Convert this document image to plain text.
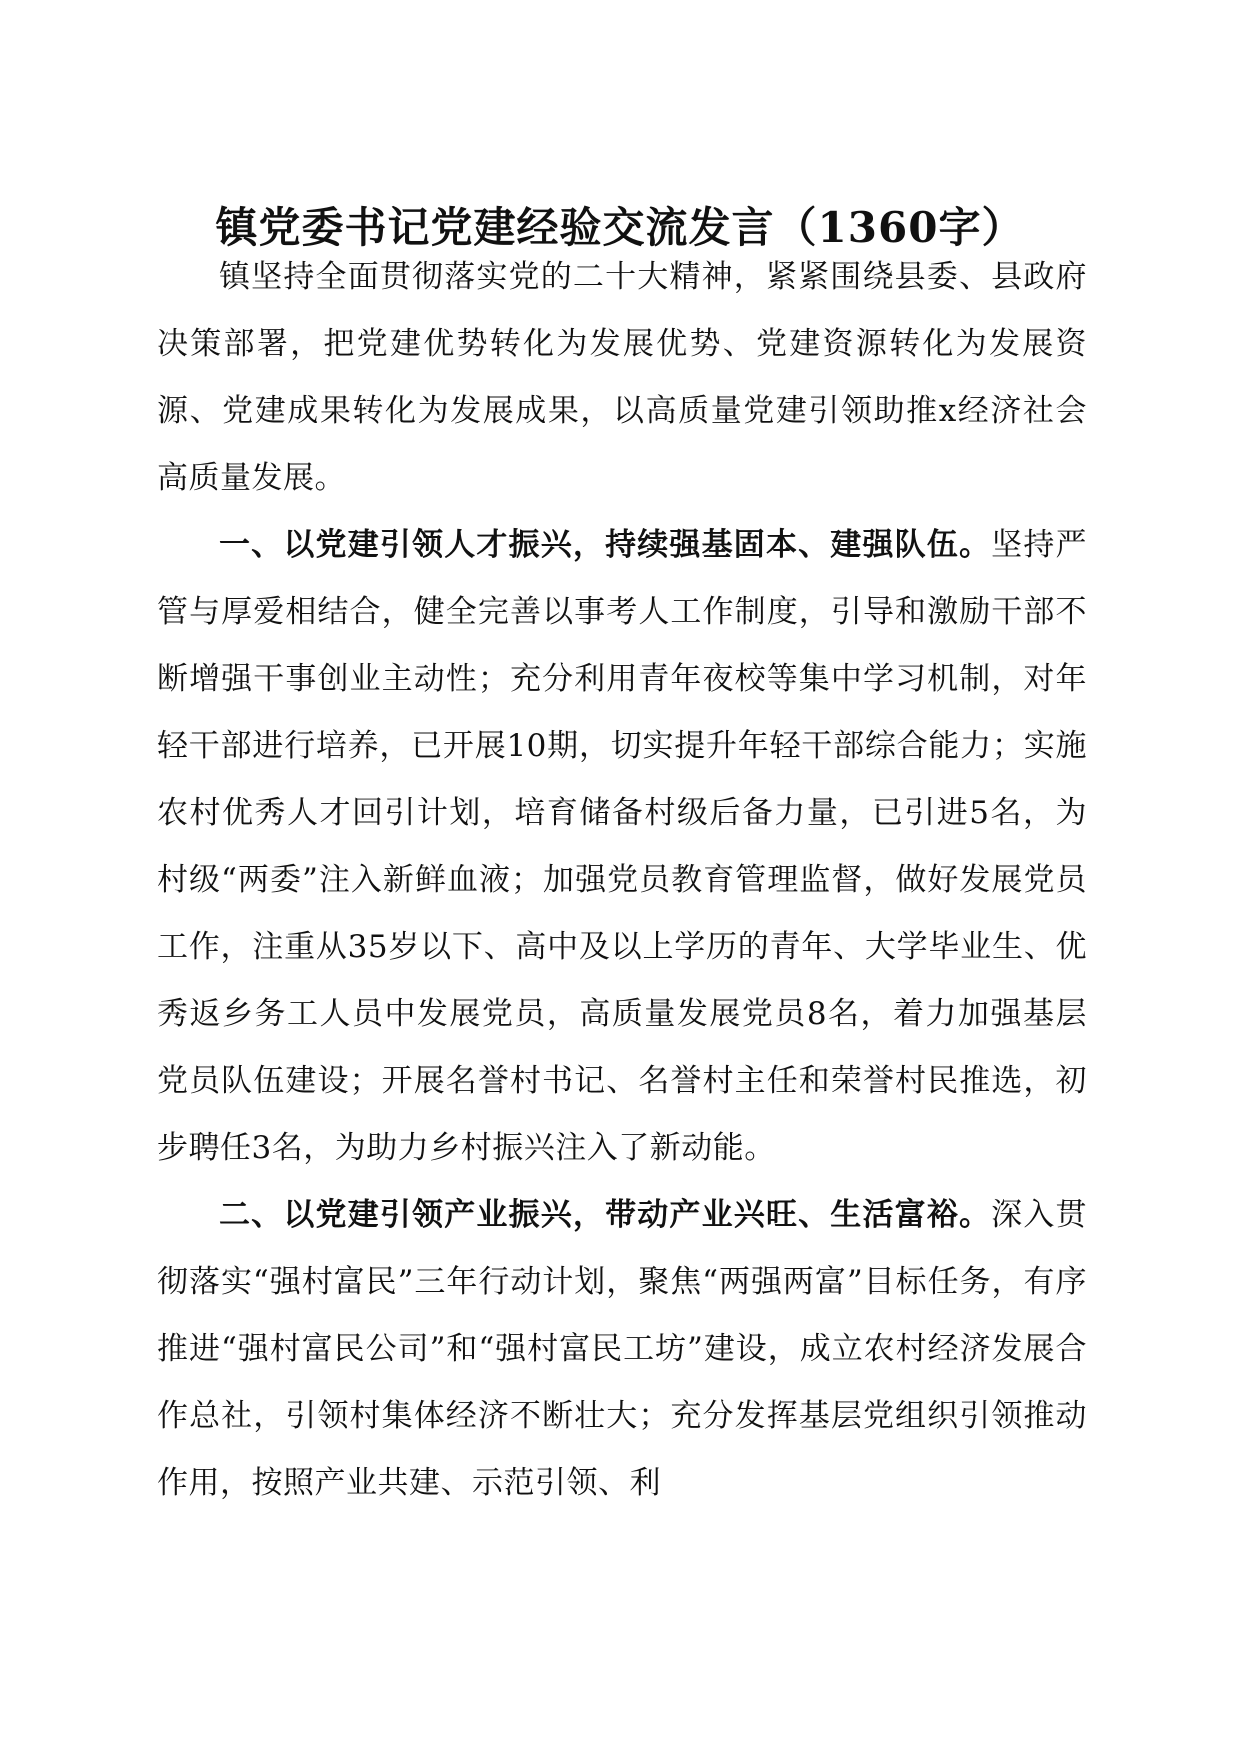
镇党委书记党建经验交流发言（1360字）

镇坚持全面贯彻落实党的二十大精神，紧紧围绕县委、县政府决策部署，把党建优势转化为发展优势、党建资源转化为发展资源、党建成果转化为发展成果，以高质量党建引领助推x经济社会高质量发展。

一、以党建引领人才振兴，持续强基固本、建强队伍。坚持严管与厚爱相结合，健全完善以事考人工作制度，引导和激励干部不断增强干事创业主动性；充分利用青年夜校等集中学习机制，对年轻干部进行培养，已开展10期，切实提升年轻干部综合能力；实施农村优秀人才回引计划，培育储备村级后备力量，已引进5名，为村级“两委”注入新鲜血液；加强党员教育管理监督，做好发展党员工作，注重从35岁以下、高中及以上学历的青年、大学毕业生、优秀返乡务工人员中发展党员，高质量发展党员8名，着力加强基层党员队伍建设；开展名誉村书记、名誉村主任和荣誉村民推选，初步聘任3名，为助力乡村振兴注入了新动能。

二、以党建引领产业振兴，带动产业兴旺、生活富裕。深入贯彻落实“强村富民”三年行动计划，聚焦“两强两富”目标任务，有序推进“强村富民公司”和“强村富民工坊”建设，成立农村经济发展合作总社，引领村集体经济不断壮大；充分发挥基层党组织引领推动作用，按照产业共建、示范引领、利
